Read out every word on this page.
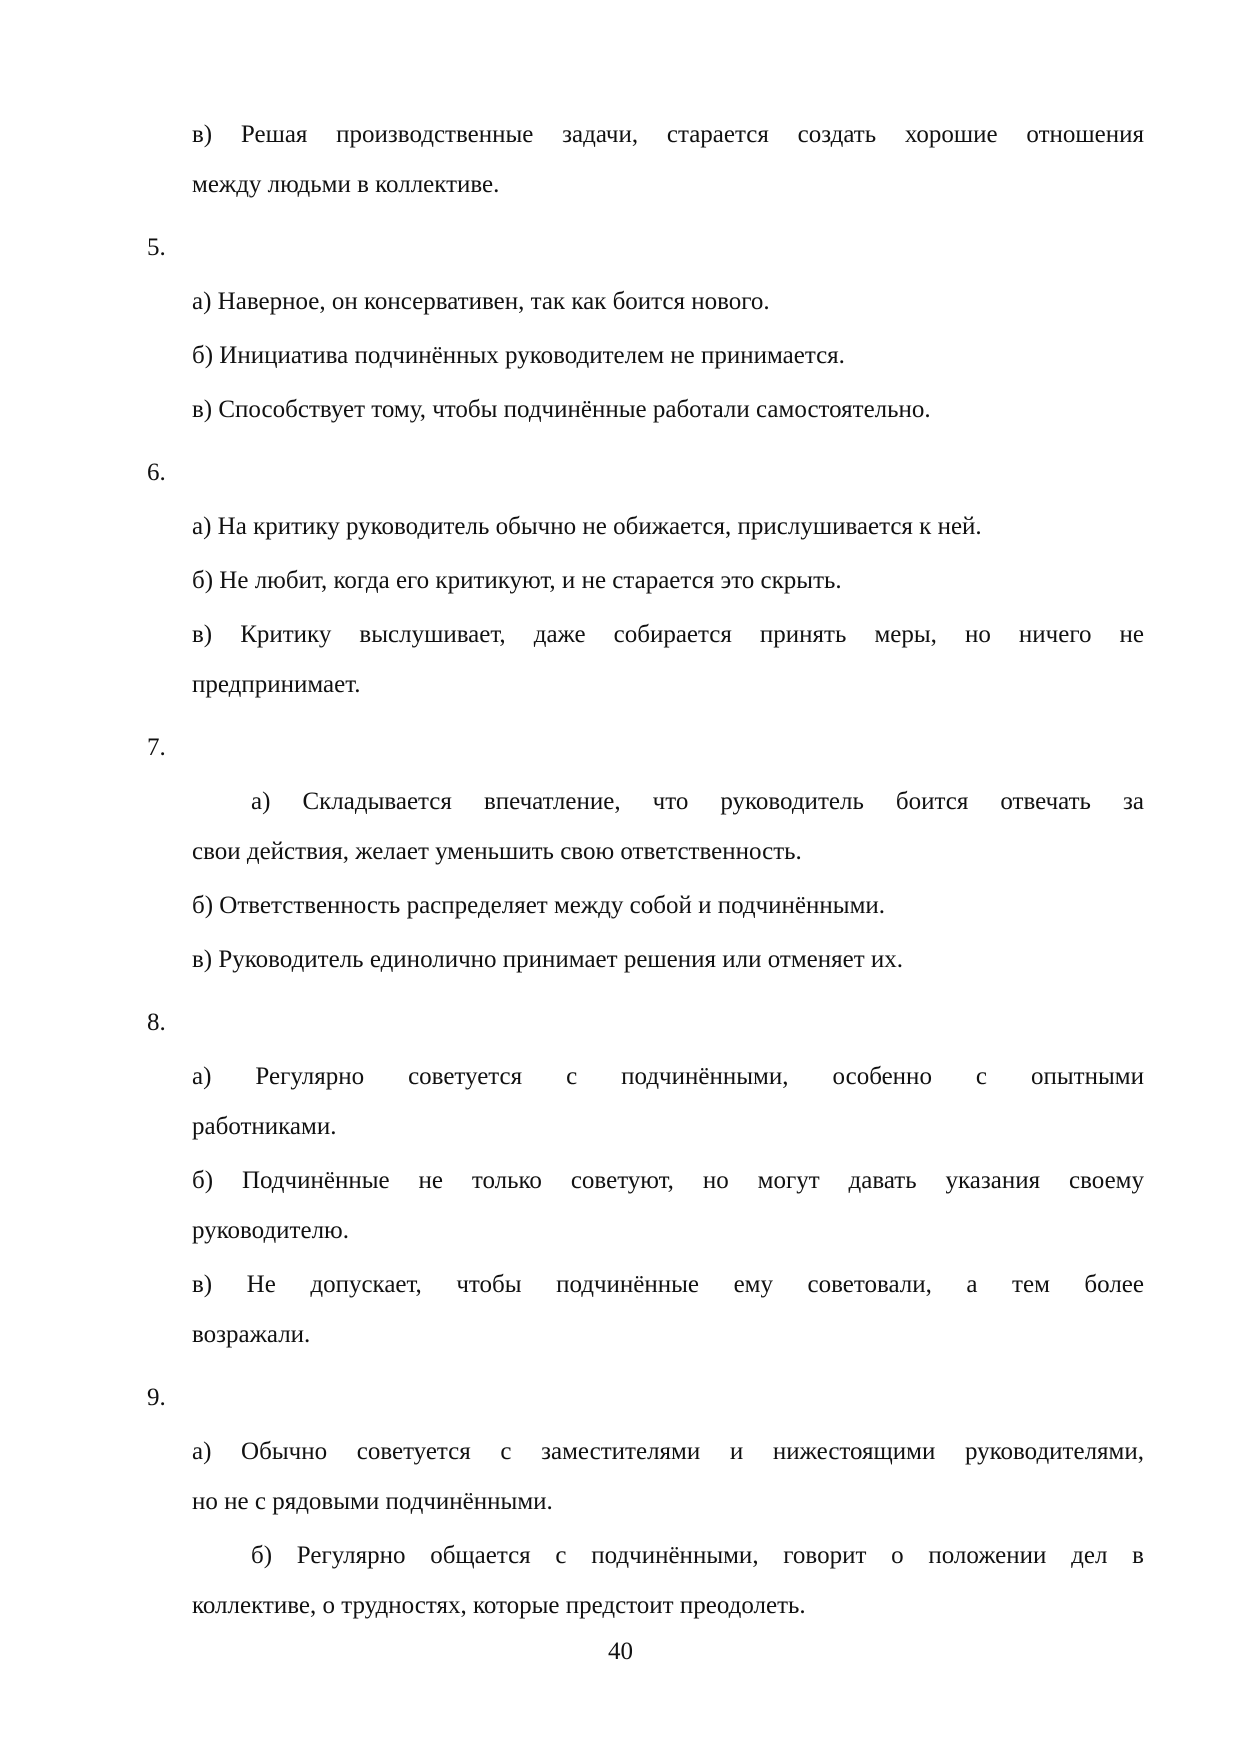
в) Решая производственные задачи, старается создать хорошие отношения
между людьми в коллективе.
5.
а) Наверное, он консервативен, так как боится нового.
б) Инициатива подчинённых руководителем не принимается.
в) Способствует тому, чтобы подчинённые работали самостоятельно.
6.
а) На критику руководитель обычно не обижается, прислушивается к ней.
б) Не любит, когда его критикуют, и не старается это скрыть.
в) Критику выслушивает, даже собирается принять меры, но ничего не
предпринимает.
7.
а) Складывается впечатление, что руководитель боится отвечать за
свои действия, желает уменьшить свою ответственность.
б) Ответственность распределяет между собой и подчинёнными.
в) Руководитель единолично принимает решения или отменяет их.
8.
а) Регулярно советуется с подчинёнными, особенно с опытными
работниками.
б) Подчинённые не только советуют, но могут давать указания своему
руководителю.
в) Не допускает, чтобы подчинённые ему советовали, а тем более
возражали.
9.
а) Обычно советуется с заместителями и нижестоящими руководителями,
но не с рядовыми подчинёнными.
б) Регулярно общается с подчинёнными, говорит о положении дел в
коллективе, о трудностях, которые предстоит преодолеть.
40
